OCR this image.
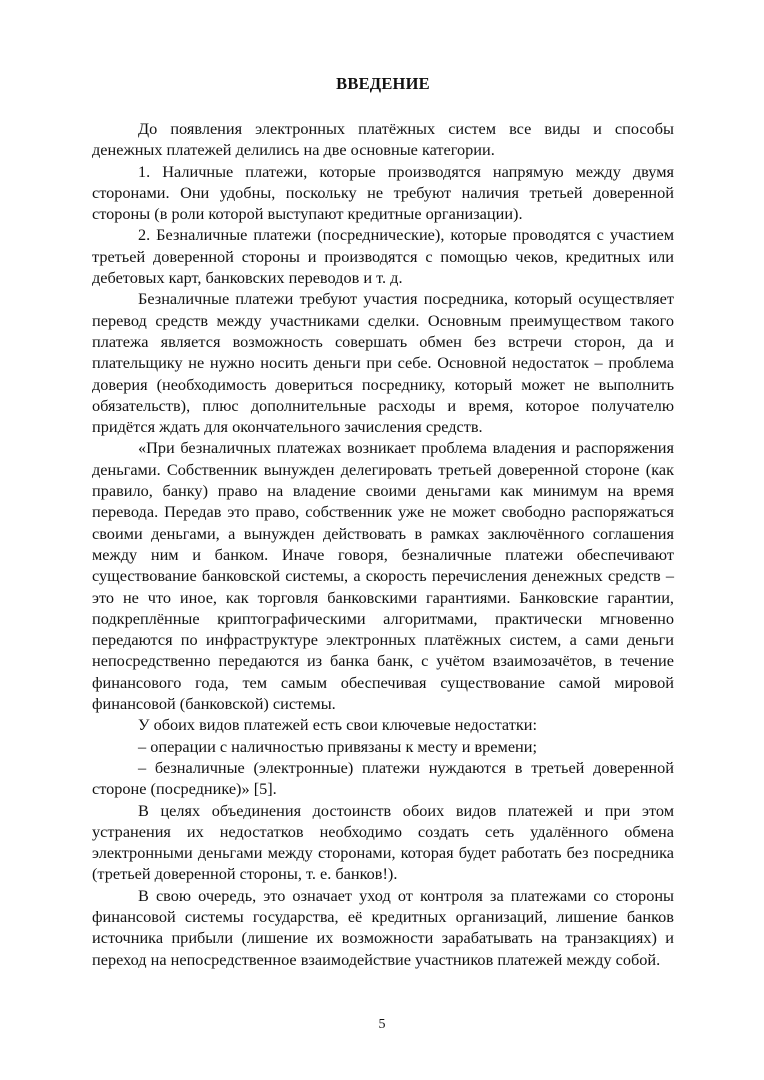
ВВЕДЕНИЕ

До появления электронных платёжных систем все виды и способы денежных платежей делились на две основные категории.

1. Наличные платежи, которые производятся напрямую между двумя сторонами. Они удобны, поскольку не требуют наличия третьей доверенной стороны (в роли которой выступают кредитные организации).

2. Безналичные платежи (посреднические), которые проводятся с участием третьей доверенной стороны и производятся с помощью чеков, кредитных или дебетовых карт, банковских переводов и т. д.

Безналичные платежи требуют участия посредника, который осуществляет перевод средств между участниками сделки. Основным преимуществом такого платежа является возможность совершать обмен без встречи сторон, да и плательщику не нужно носить деньги при себе. Основной недостаток – проблема доверия (необходимость довериться посреднику, который может не выполнить обязательств), плюс дополнительные расходы и время, которое получателю придётся ждать для окончательного зачисления средств.

«При безналичных платежах возникает проблема владения и распоряжения деньгами. Собственник вынужден делегировать третьей доверенной стороне (как правило, банку) право на владение своими деньгами как минимум на время перевода. Передав это право, собственник уже не может свободно распоряжаться своими деньгами, а вынужден действовать в рамках заключённого соглашения между ним и банком. Иначе говоря, безналичные платежи обеспечивают существование банковской системы, а скорость перечисления денежных средств – это не что иное, как торговля банковскими гарантиями. Банковские гарантии, подкреплённые криптографическими алгоритмами, практически мгновенно передаются по инфраструктуре электронных платёжных систем, а сами деньги непосредственно передаются из банка банк, с учётом взаимозачётов, в течение финансового года, тем самым обеспечивая существование самой мировой финансовой (банковской) системы.

У обоих видов платежей есть свои ключевые недостатки:

– операции с наличностью привязаны к месту и времени;

– безналичные (электронные) платежи нуждаются в третьей доверенной стороне (посреднике)» [5].

В целях объединения достоинств обоих видов платежей и при этом устранения их недостатков необходимо создать сеть удалённого обмена электронными деньгами между сторонами, которая будет работать без посредника (третьей доверенной стороны, т. е. банков!).

В свою очередь, это означает уход от контроля за платежами со стороны финансовой системы государства, её кредитных организаций, лишение банков источника прибыли (лишение их возможности зарабатывать на транзакциях) и переход на непосредственное взаимодействие участников платежей между собой.

5
